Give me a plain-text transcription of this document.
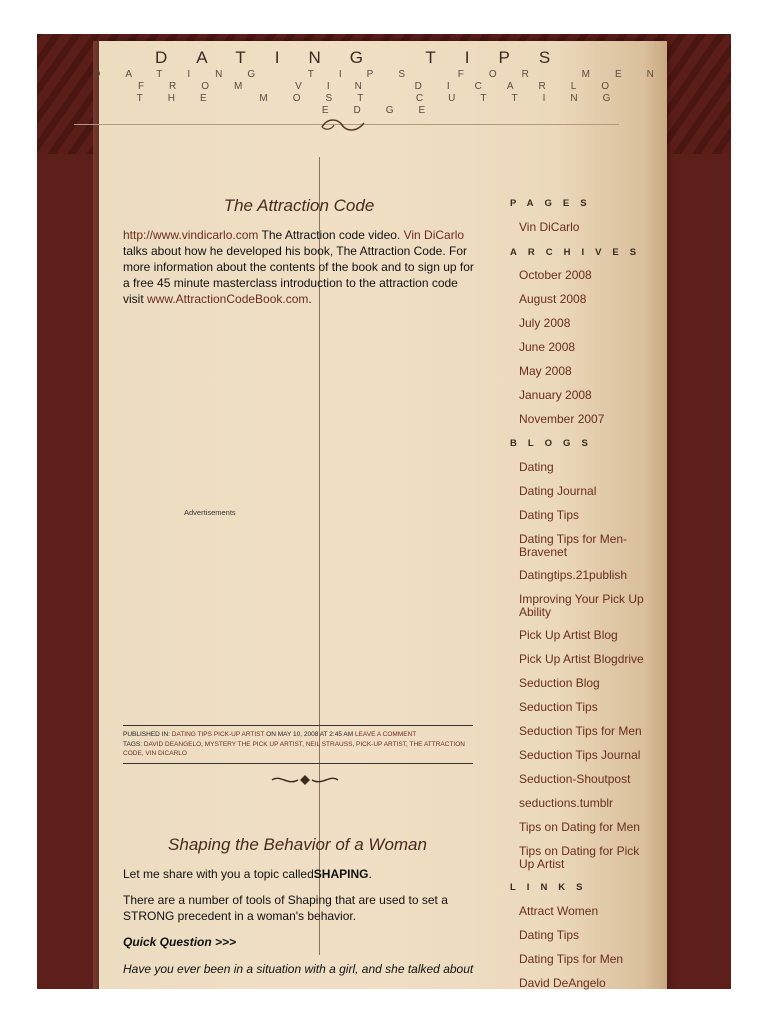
DATING TIPS
DATING TIPS FOR MEN FROM VIN DICARLO THE MOST CUTTING EDGE
The Attraction Code
http://www.vindicarlo.com The Attraction code video. Vin DiCarlo talks about how he developed his book, The Attraction Code. For more information about the contents of the book and to sign up for a free 45 minute masterclass introduction to the attraction code visit www.AttractionCodeBook.com.
Advertisements
PUBLISHED IN: DATING TIPS PICK-UP ARTIST ON MAY 10, 2008 AT 2:45 AM LEAVE A COMMENT
TAGS: DAVID DEANGELO, MYSTERY THE PICK UP ARTIST, NEIL STRAUSS, PICK-UP ARTIST, THE ATTRACTION CODE, VIN DICARLO
Shaping the Behavior of a Woman
Let me share with you a topic calledSHAPING.
There are a number of tools of Shaping that are used to set a STRONG precedent in a woman's behavior.
Quick Question >>>
Have you ever been in a situation with a girl, and she talked about
PAGES
Vin DiCarlo
ARCHIVES
October 2008
August 2008
July 2008
June 2008
May 2008
January 2008
November 2007
BLOGS
Dating
Dating Journal
Dating Tips
Dating Tips for Men-Bravenet
Datingtips.21publish
Improving Your Pick Up Ability
Pick Up Artist Blog
Pick Up Artist Blogdrive
Seduction Blog
Seduction Tips
Seduction Tips for Men
Seduction Tips Journal
Seduction-Shoutpost
seductions.tumblr
Tips on Dating for Men
Tips on Dating for Pick Up Artist
LINKS
Attract Women
Dating Tips
Dating Tips for Men
David DeAngelo
